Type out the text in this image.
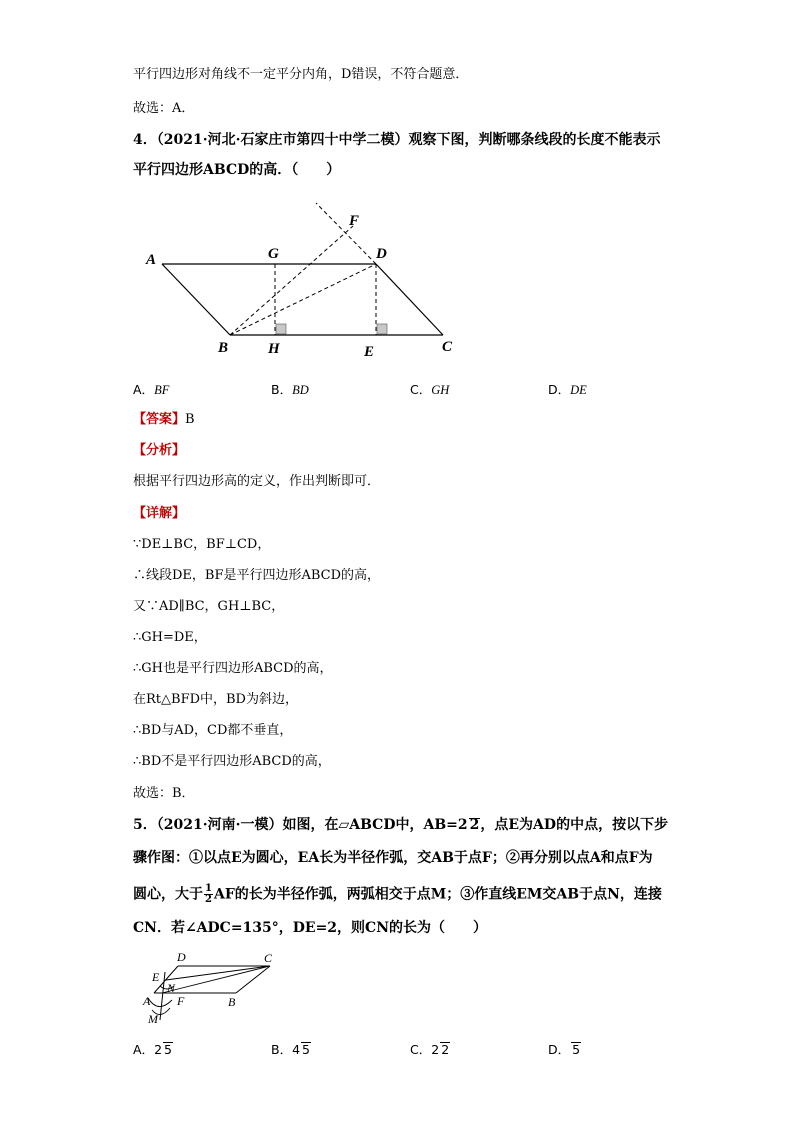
平行四边形对角线不一定平分内角，D错误，不符合题意．
故选：A．
4．（2021·河北·石家庄市第四十中学二模）观察下图，判断哪条线段的长度不能表示
平行四边形ABCD的高．（　　）
A
B	C
D
E
F
G
H
A．BF	B．BD	C．GH	D．DE
【答案】B
【分析】
根据平行四边形高的定义，作出判断即可．
【详解】
∵DE⊥BC，BF⊥CD，
∴线段DE，BF是平行四边形ABCD的高，
又∵AD∥BC，GH⊥BC，
∴GH=DE，
∴GH也是平行四边形ABCD的高，
在Rt△BFD中，BD为斜边，
∴BD与AD，CD都不垂直，
∴BD不是平行四边形ABCD的高，
故选：B．
5．（2021·河南·一模）如图，在▱ABCD中，AB=2 2，点E为AD的中点，按以下步
骤作图：①以点E为圆心，EA长为半径作弧，交AB于点F；②再分别以点A和点F为
圆心，大于 $\frac{1}{2}$ AF的长为半径作弧，两弧相交于点M；③作直线EM交AB于点N，连接
CN．若∠ADC=135°，DE=2，则CN的长为（　　）
D	C
E
N
A F	B
M
A．2 5	B．4 5	C．2 2	D． 5
